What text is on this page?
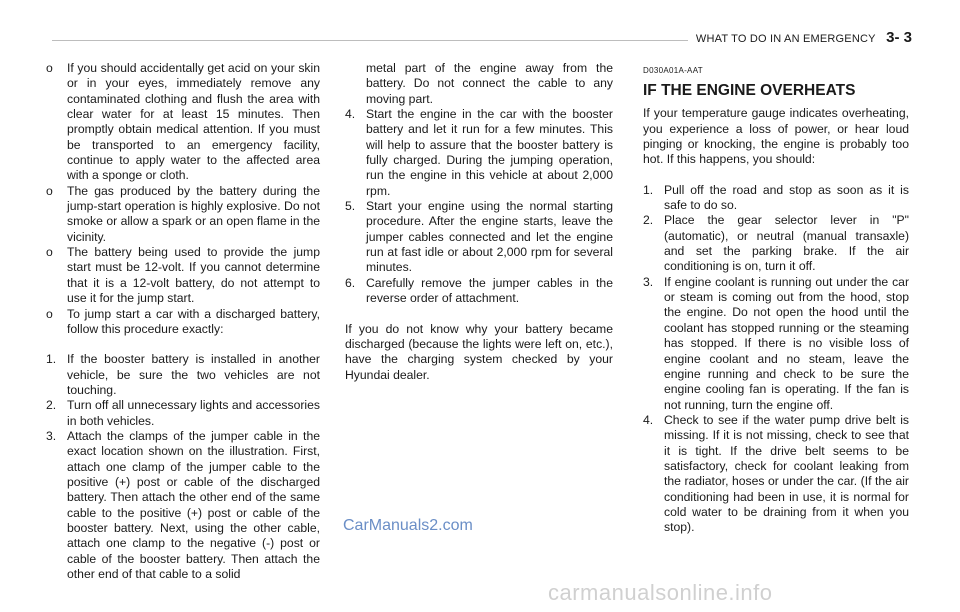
WHAT TO DO IN AN EMERGENCY 3- 3

o If you should accidentally get acid on your skin or in your eyes, immediately remove any contaminated clothing and flush the area with clear water for at least 15 minutes. Then promptly obtain medical attention. If you must be transported to an emergency facility, continue to apply water to the affected area with a sponge or cloth.

o The gas produced by the battery during the jump-start operation is highly explosive. Do not smoke or allow a spark or an open flame in the vicinity.

o The battery being used to provide the jump start must be 12-volt. If you cannot determine that it is a 12-volt battery, do not attempt to use it for the jump start.

o To jump start a car with a discharged battery, follow this procedure exactly:

1. If the booster battery is installed in another vehicle, be sure the two vehicles are not touching.

2. Turn off all unnecessary lights and accessories in both vehicles.

3. Attach the clamps of the jumper cable in the exact location shown on the illustration. First, attach one clamp of the jumper cable to the positive (+) post or cable of the discharged battery. Then attach the other end of the same cable to the positive (+) post or cable of the booster battery. Next, using the other cable, attach one clamp to the negative (-) post or cable of the booster battery. Then attach the other end of that cable to a solid

metal part of the engine away from the battery. Do not connect the cable to any moving part.

4. Start the engine in the car with the booster battery and let it run for a few minutes. This will help to assure that the booster battery is fully charged. During the jumping operation, run the engine in this vehicle at about 2,000 rpm.

5. Start your engine using the normal starting procedure. After the engine starts, leave the jumper cables connected and let the engine run at fast idle or about 2,000 rpm for several minutes.

6. Carefully remove the jumper cables in the reverse order of attachment.

If you do not know why your battery became discharged (because the lights were left on, etc.), have the charging system checked by your Hyundai dealer.

D030A01A-AAT
IF THE ENGINE OVERHEATS

If your temperature gauge indicates overheating, you experience a loss of power, or hear loud pinging or knocking, the engine is probably too hot. If this happens, you should:

1. Pull off the road and stop as soon as it is safe to do so.

2. Place the gear selector lever in "P" (automatic), or neutral (manual transaxle) and set the parking brake. If the air conditioning is on, turn it off.

3. If engine coolant is running out under the car or steam is coming out from the hood, stop the engine. Do not open the hood until the coolant has stopped running or the steaming has stopped. If there is no visible loss of engine coolant and no steam, leave the engine running and check to be sure the engine cooling fan is operating. If the fan is not running, turn the engine off.

4. Check to see if the water pump drive belt is missing. If it is not missing, check to see that it is tight. If the drive belt seems to be satisfactory, check for coolant leaking from the radiator, hoses or under the car. (If the air conditioning had been in use, it is normal for cold water to be draining from it when you stop).

CarManuals2.com
carmanualsonline.info
